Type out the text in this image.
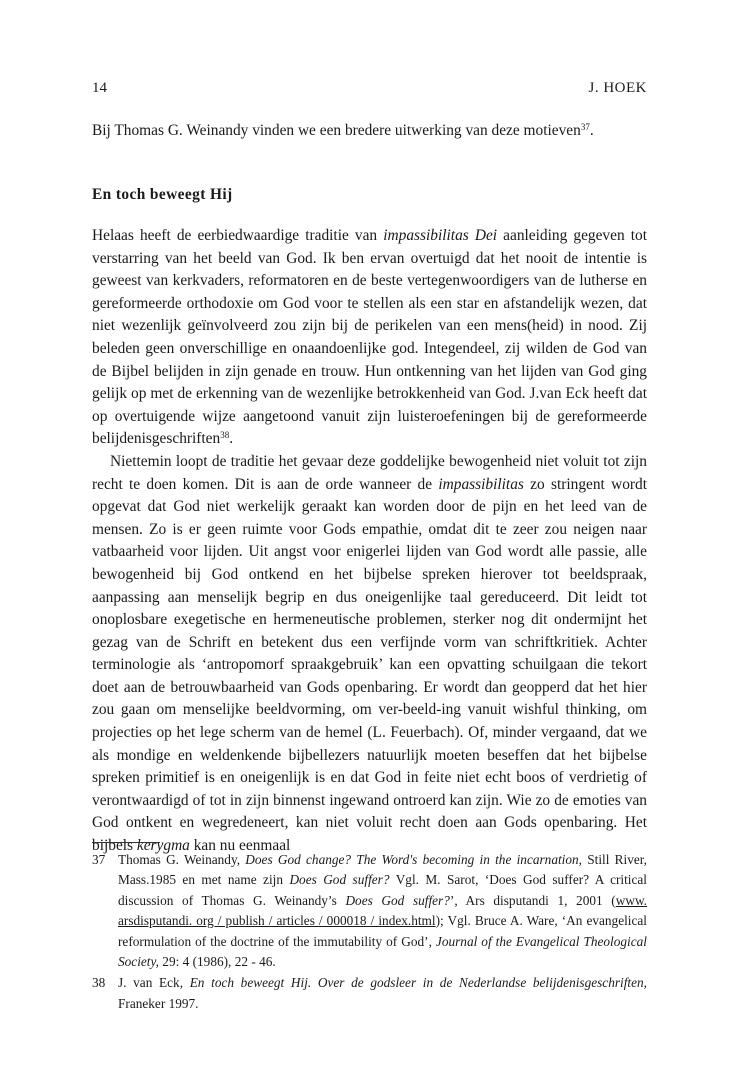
14	J. HOEK

Bij Thomas G. Weinandy vinden we een bredere uitwerking van deze motieven$^{37}$.

En toch beweegt Hij

Helaas heeft de eerbiedwaardige traditie van impassibilitas Dei aanleiding gegeven tot verstarring van het beeld van God. Ik ben ervan overtuigd dat het nooit de intentie is geweest van kerkvaders, reformatoren en de beste vertegenwoordigers van de lutherse en gereformeerde orthodoxie om God voor te stellen als een star en afstandelijk wezen, dat niet wezenlijk geïnvolveerd zou zijn bij de perikelen van een mens(heid) in nood. Zij beleden geen onverschillige en onaandoenlijke god. Integendeel, zij wilden de God van de Bijbel belijden in zijn genade en trouw. Hun ontkenning van het lijden van God ging gelijk op met de erkenning van de wezenlijke betrokkenheid van God. J.van Eck heeft dat op overtuigende wijze aangetoond vanuit zijn luisteroefeningen bij de gereformeerde belijdenisgeschriften$^{38}$.

Niettemin loopt de traditie het gevaar deze goddelijke bewogenheid niet voluit tot zijn recht te doen komen. Dit is aan de orde wanneer de impassibilitas zo stringent wordt opgevat dat God niet werkelijk geraakt kan worden door de pijn en het leed van de mensen. Zo is er geen ruimte voor Gods empathie, omdat dit te zeer zou neigen naar vatbaarheid voor lijden. Uit angst voor enigerlei lijden van God wordt alle passie, alle bewogenheid bij God ontkend en het bijbelse spreken hierover tot beeldspraak, aanpassing aan menselijk begrip en dus oneigenlijke taal gereduceerd. Dit leidt tot onoplosbare exegetische en hermeneutische problemen, sterker nog dit ondermijnt het gezag van de Schrift en betekent dus een verfijnde vorm van schriftkritiek. Achter terminologie als ‘antropomorf spraakgebruik’ kan een opvatting schuilgaan die tekort doet aan de betrouwbaarheid van Gods openbaring. Er wordt dan geopperd dat het hier zou gaan om menselijke beeldvorming, om ver-beeld-ing vanuit wishful thinking, om projecties op het lege scherm van de hemel (L. Feuerbach). Of, minder vergaand, dat we als mondige en weldenkende bijbellezers natuurlijk moeten beseffen dat het bijbelse spreken primitief is en oneigenlijk is en dat God in feite niet echt boos of verdrietig of verontwaardigd of tot in zijn binnenst ingewand ontroerd kan zijn. Wie zo de emoties van God ontkent en wegredeneert, kan niet voluit recht doen aan Gods openbaring. Het bijbels kerygma kan nu eenmaal

37 Thomas G. Weinandy, Does God change? The Word's becoming in the incarnation, Still River, Mass.1985 en met name zijn Does God suffer? Vgl. M. Sarot, ‘Does God suffer? A critical discussion of Thomas G. Weinandy’s Does God suffer?’, Ars disputandi 1, 2001 (www. arsdisputandi. org / publish / articles / 000018 / index.html); Vgl. Bruce A. Ware, ‘An evangelical reformulation of the doctrine of the immutability of God’, Journal of the Evangelical Theological Society, 29: 4 (1986), 22 - 46.
38 J. van Eck, En toch beweegt Hij. Over de godsleer in de Nederlandse belijdenisgeschriften, Franeker 1997.
